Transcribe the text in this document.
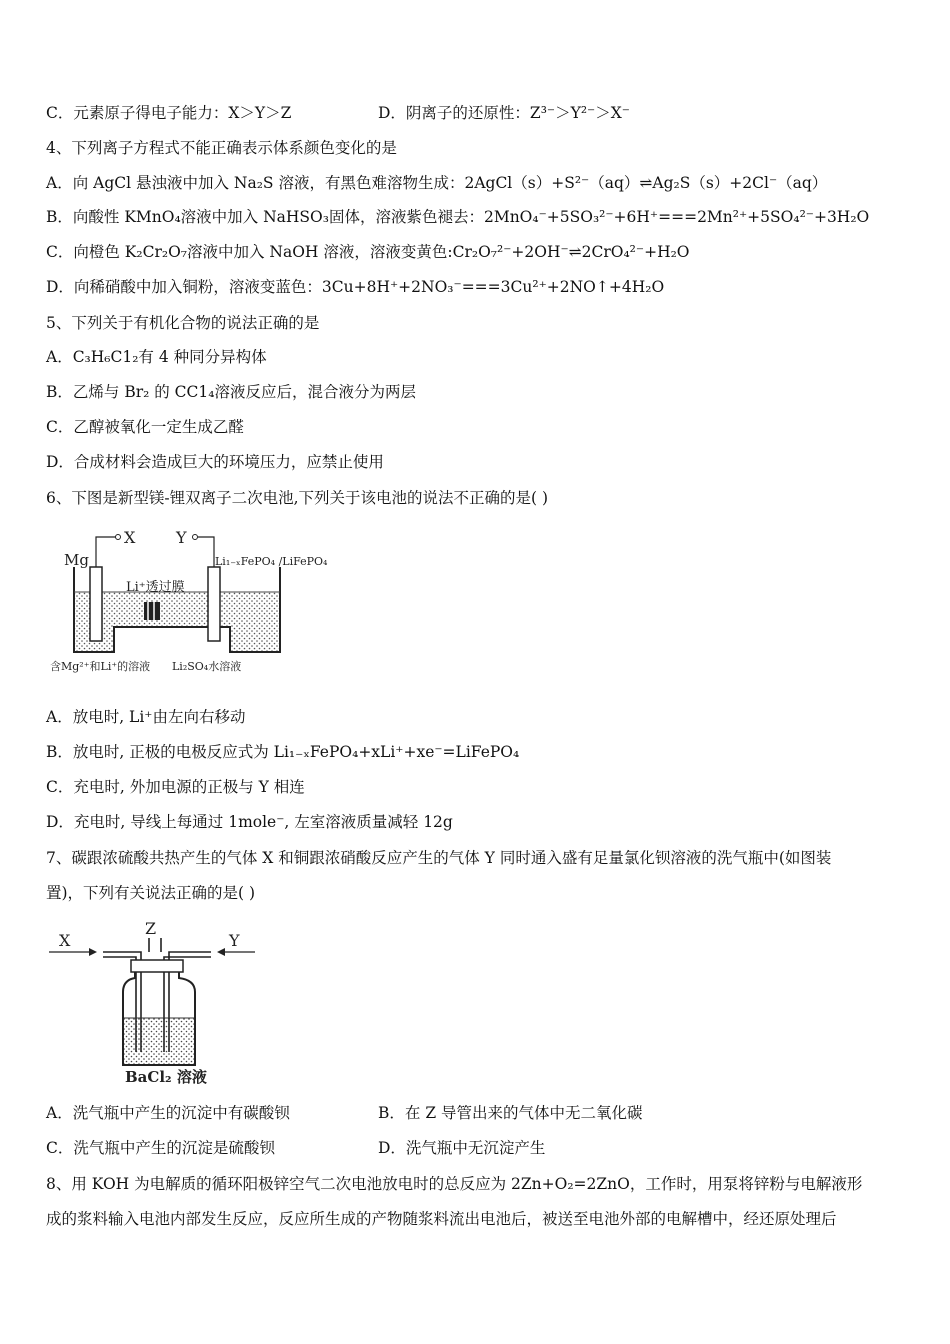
C．元素原子得电子能力：X＞Y＞Z	D．阴离子的还原性：Z³⁻＞Y²⁻＞X⁻
4、下列离子方程式不能正确表示体系颜色变化的是
A．向 AgCl 悬浊液中加入 Na₂S 溶液，有黑色难溶物生成：2AgCl（s）+S²⁻（aq）⇌Ag₂S（s）+2Cl⁻（aq）
B．向酸性 KMnO₄溶液中加入 NaHSO₃固体，溶液紫色褪去：2MnO₄⁻+5SO₃²⁻+6H⁺===2Mn²⁺+5SO₄²⁻+3H₂O
C．向橙色 K₂Cr₂O₇溶液中加入 NaOH 溶液，溶液变黄色:Cr₂O₇²⁻+2OH⁻⇌2CrO₄²⁻+H₂O
D．向稀硝酸中加入铜粉，溶液变蓝色：3Cu+8H⁺+2NO₃⁻===3Cu²⁺+2NO↑+4H₂O
5、下列关于有机化合物的说法正确的是
A．C₃H₆C1₂有 4 种同分异构体
B．乙烯与 Br₂ 的 CC1₄溶液反应后，混合液分为两层
C．乙醇被氧化一定生成乙醛
D．合成材料会造成巨大的环境压力，应禁止使用
6、下图是新型镁-锂双离子二次电池,下列关于该电池的说法不正确的是( )
Mg
X	Y
Li₁₋ₓFePO₄ /LiFePO₄
Li⁺透过膜
含Mg²⁺和Li⁺的溶液 Li₂SO₄水溶液
A．放电时, Li⁺由左向右移动
B．放电时, 正极的电极反应式为 Li₁₋ₓFePO₄+xLi⁺+xe⁻=LiFePO₄
C．充电时, 外加电源的正极与 Y 相连
D．充电时, 导线上每通过 1mole⁻, 左室溶液质量减轻 12g
7、碳跟浓硫酸共热产生的气体 X 和铜跟浓硝酸反应产生的气体 Y 同时通入盛有足量氯化钡溶液的洗气瓶中(如图装
置)，下列有关说法正确的是( )
X
Z
Y
BaCl₂ 溶液
A．洗气瓶中产生的沉淀中有碳酸钡	B．在 Z 导管出来的气体中无二氧化碳
C．洗气瓶中产生的沉淀是硫酸钡	D．洗气瓶中无沉淀产生
8、用 KOH 为电解质的循环阳极锌空气二次电池放电时的总反应为 2Zn+O₂=2ZnO，工作时，用泵将锌粉与电解液形
成的浆料输入电池内部发生反应，反应所生成的产物随浆料流出电池后，被送至电池外部的电解槽中，经还原处理后
